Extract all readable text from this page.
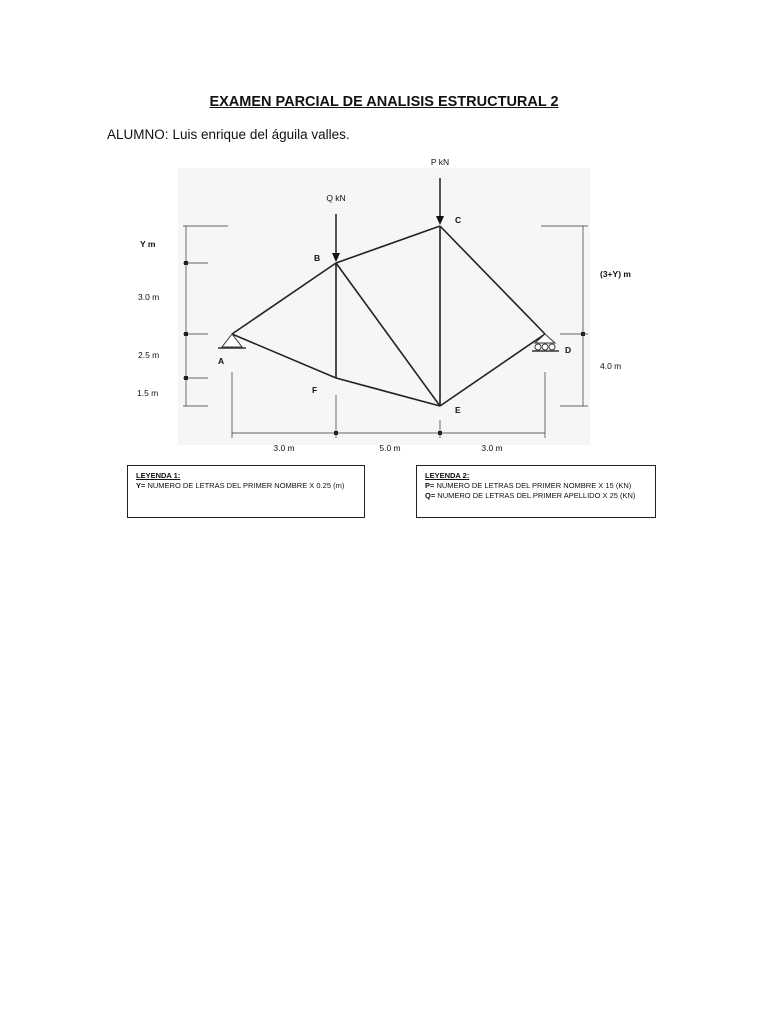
EXAMEN PARCIAL DE ANALISIS ESTRUCTURAL 2
ALUMNO: Luis enrique del águila valles.
P kN
Q kN
B
C
A
D
F
E
Y m
3.0 m
2.5 m
1.5 m
(3+Y) m
4.0 m
3.0 m	5.0 m	3.0 m
LEYENDA 1:
Y= NUMERO DE LETRAS DEL PRIMER NOMBRE X 0.25 (m)
LEYENDA 2:
P= NUMERO DE LETRAS DEL PRIMER NOMBRE X 15 (KN)
Q= NUMERO DE LETRAS DEL PRIMER APELLIDO X 25 (KN)
